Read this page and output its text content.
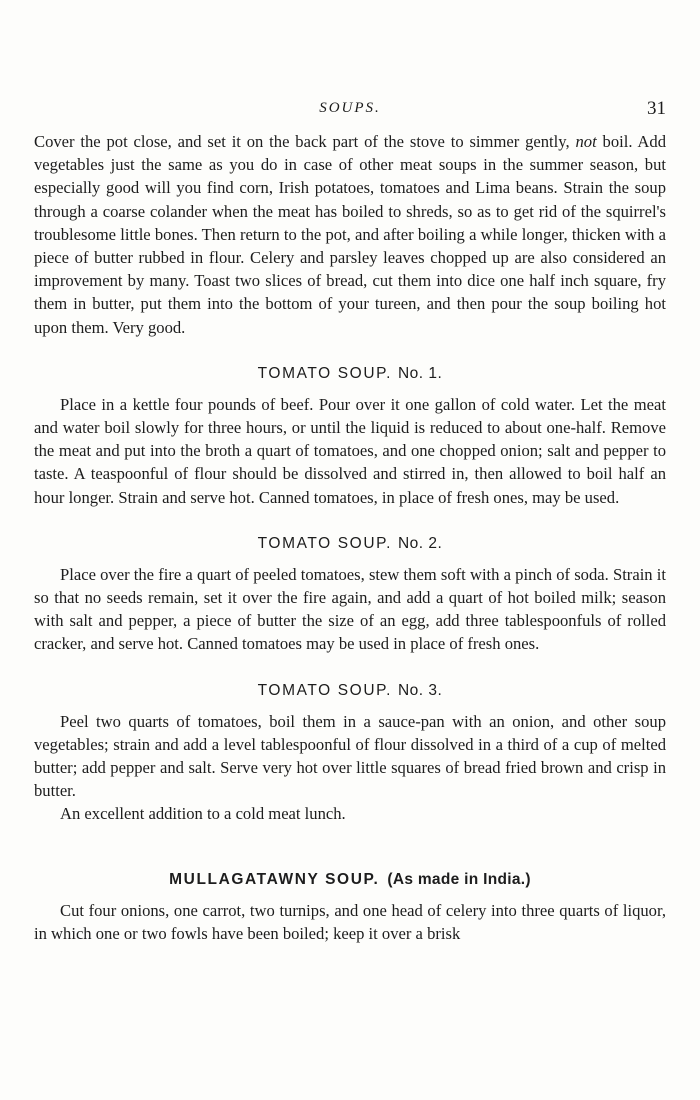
SOUPS.	31

Cover the pot close, and set it on the back part of the stove to simmer gently, not boil. Add vegetables just the same as you do in case of other meat soups in the summer season, but especially good will you find corn, Irish potatoes, tomatoes and Lima beans. Strain the soup through a coarse colander when the meat has boiled to shreds, so as to get rid of the squirrel's troublesome little bones. Then return to the pot, and after boiling a while longer, thicken with a piece of butter rubbed in flour. Celery and parsley leaves chopped up are also considered an improvement by many. Toast two slices of bread, cut them into dice one half inch square, fry them in butter, put them into the bottom of your tureen, and then pour the soup boiling hot upon them. Very good.

TOMATO SOUP. No. 1.

Place in a kettle four pounds of beef. Pour over it one gallon of cold water. Let the meat and water boil slowly for three hours, or until the liquid is reduced to about one-half. Remove the meat and put into the broth a quart of tomatoes, and one chopped onion; salt and pepper to taste. A teaspoonful of flour should be dissolved and stirred in, then allowed to boil half an hour longer. Strain and serve hot. Canned tomatoes, in place of fresh ones, may be used.

TOMATO SOUP. No. 2.

Place over the fire a quart of peeled tomatoes, stew them soft with a pinch of soda. Strain it so that no seeds remain, set it over the fire again, and add a quart of hot boiled milk; season with salt and pepper, a piece of butter the size of an egg, add three tablespoonfuls of rolled cracker, and serve hot. Canned tomatoes may be used in place of fresh ones.

TOMATO SOUP. No. 3.

Peel two quarts of tomatoes, boil them in a sauce-pan with an onion, and other soup vegetables; strain and add a level tablespoonful of flour dissolved in a third of a cup of melted butter; add pepper and salt. Serve very hot over little squares of bread fried brown and crisp in butter.

An excellent addition to a cold meat lunch.

MULLAGATAWNY SOUP. (As made in India.)

Cut four onions, one carrot, two turnips, and one head of celery into three quarts of liquor, in which one or two fowls have been boiled; keep it over a brisk
